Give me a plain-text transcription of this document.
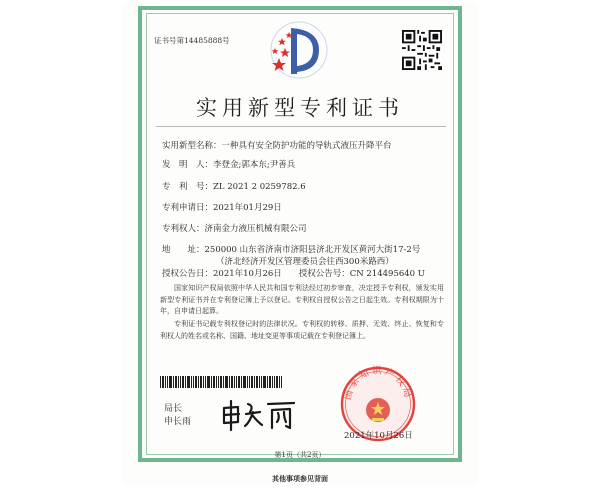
证书号第14485888号
实用新型专利证书
实用新型名称：一种具有安全防护功能的导轨式液压升降平台
发　明　人：李登金;郭本东;尹善兵
专　利　号：ZL 2021 2 0259782.6
专利申请日：2021年01月29日
专利权人：济南金力液压机械有限公司
地　　址：250000 山东省济南市济阳县济北开发区黄河大街17-2号
（济北经济开发区管理委员会往西300米路西）
授权公告日：2021年10月26日　　授权公告号：CN 214495640 U
国家知识产权局依照中华人民共和国专利法经过初步审查，决定授予专利权，颁发实用新型专利证书并在专利登记簿上予以登记。专利权自授权公告之日起生效。专利权期限为十年，自申请日起算。
专利证书记载专利权登记时的法律状况。专利权的转移、质押、无效、终止、恢复和专利权人的姓名或名称、国籍、地址变更等事项记载在专利登记簿上。
局长
申长雨
国家知识产权局
2021年10月26日
第1页（共2页）
其他事项参见背面
